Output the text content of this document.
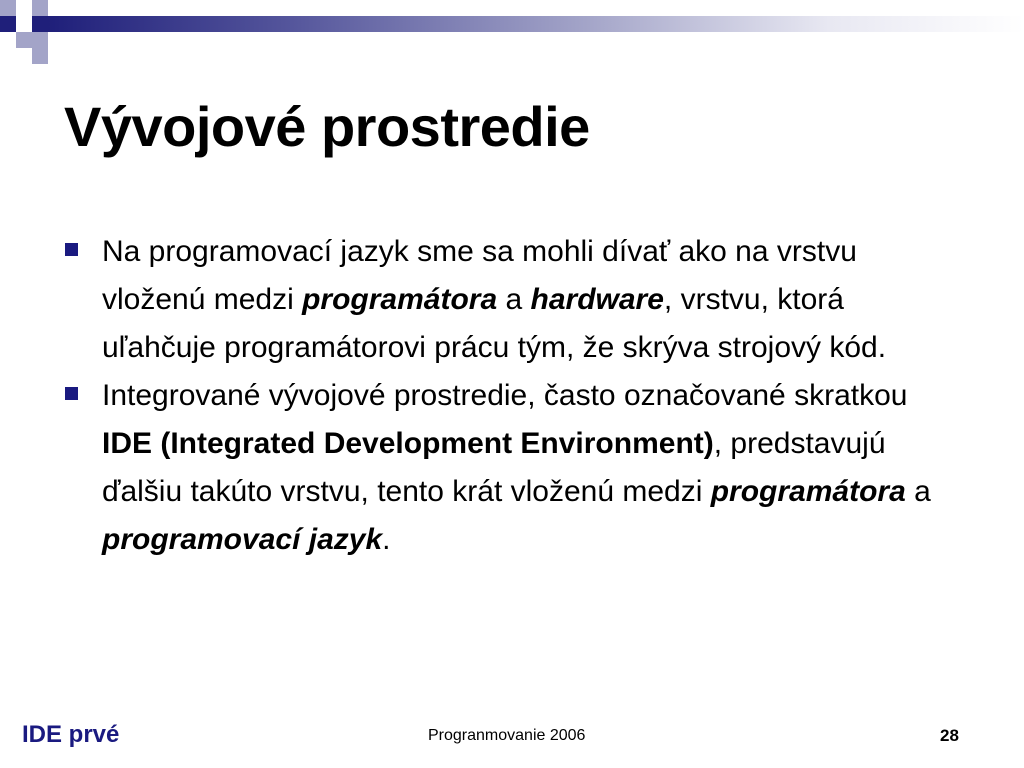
Vývojové prostredie
Na programovací jazyk sme sa mohli dívať ako na vrstvu vloženú medzi programátora a hardware, vrstvu, ktorá uľahčuje programátorovi prácu tým, že skrýva strojový kód.
Integrované vývojové prostredie, často označované skratkou IDE (Integrated Development Environment), predstavujú ďalšiu takúto vrstvu, tento krát vloženú medzi programátora a programovací jazyk.
IDE prvé	Progranmovanie 2006	28
